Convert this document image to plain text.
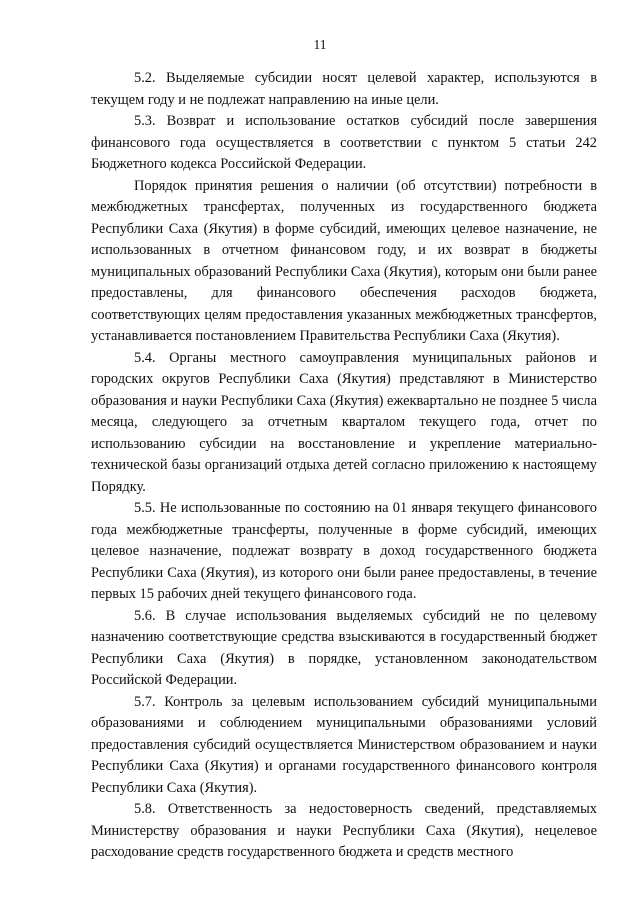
11

5.2. Выделяемые субсидии носят целевой характер, используются в текущем году и не подлежат направлению на иные цели.

5.3. Возврат и использование остатков субсидий после завершения финансового года осуществляется в соответствии с пунктом 5 статьи 242 Бюджетного кодекса Российской Федерации.

Порядок принятия решения о наличии (об отсутствии) потребности в межбюджетных трансфертах, полученных из государственного бюджета Республики Саха (Якутия) в форме субсидий, имеющих целевое назначение, не использованных в отчетном финансовом году, и их возврат в бюджеты муниципальных образований Республики Саха (Якутия), которым они были ранее предоставлены, для финансового обеспечения расходов бюджета, соответствующих целям предоставления указанных межбюджетных трансфертов, устанавливается постановлением Правительства Республики Саха (Якутия).

5.4. Органы местного самоуправления муниципальных районов и городских округов Республики Саха (Якутия) представляют в Министерство образования и науки Республики Саха (Якутия) ежеквартально не позднее 5 числа месяца, следующего за отчетным кварталом текущего года, отчет по использованию субсидии на восстановление и укрепление материально-технической базы организаций отдыха детей согласно приложению к настоящему Порядку.

5.5. Не использованные по состоянию на 01 января текущего финансового года межбюджетные трансферты, полученные в форме субсидий, имеющих целевое назначение, подлежат возврату в доход государственного бюджета Республики Саха (Якутия), из которого они были ранее предоставлены, в течение первых 15 рабочих дней текущего финансового года.

5.6. В случае использования выделяемых субсидий не по целевому назначению соответствующие средства взыскиваются в государственный бюджет Республики Саха (Якутия) в порядке, установленном законодательством Российской Федерации.

5.7. Контроль за целевым использованием субсидий муниципальными образованиями и соблюдением муниципальными образованиями условий предоставления субсидий осуществляется Министерством образованием и науки Республики Саха (Якутия) и органами государственного финансового контроля Республики Саха (Якутия).

5.8. Ответственность за недостоверность сведений, представляемых Министерству образования и науки Республики Саха (Якутия), нецелевое расходование средств государственного бюджета и средств местного
